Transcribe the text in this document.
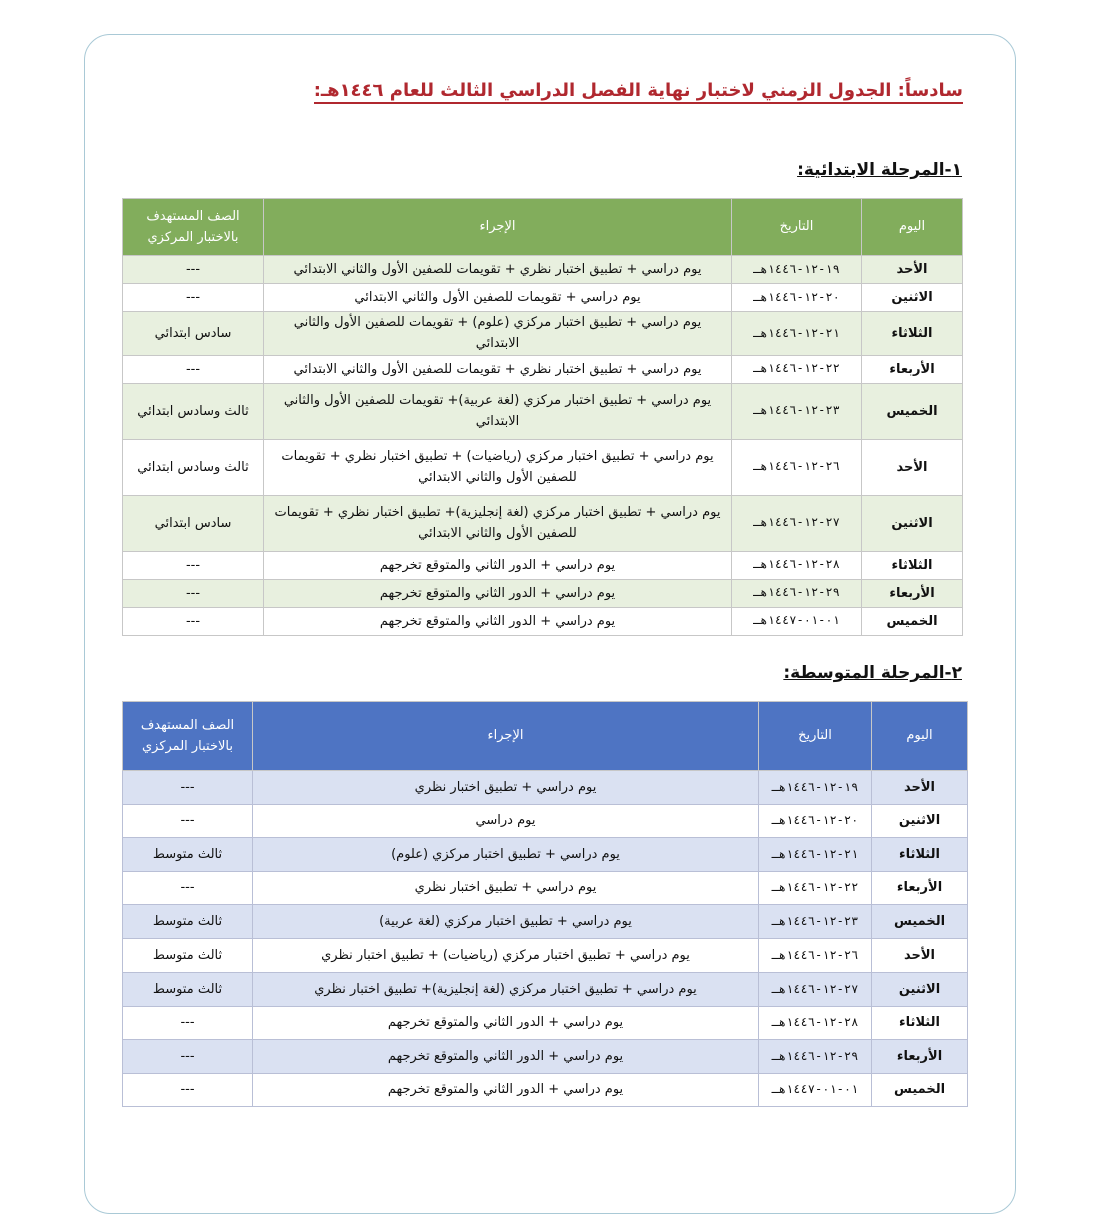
سادساً: الجدول الزمني لاختبار نهاية الفصل الدراسي الثالث للعام ١٤٤٦هـ:
١-المرحلة الابتدائية:
اليوم	التاريخ	الإجراء	الصف المستهدف بالاختبار المركزي
الأحد	١٩-١٢-١٤٤٦هـ	يوم دراسي + تطبيق اختبار نظري + تقويمات للصفين الأول والثاني الابتدائي	---
الاثنين	٢٠-١٢-١٤٤٦هـ	يوم دراسي + تقويمات للصفين الأول والثاني الابتدائي	---
الثلاثاء	٢١-١٢-١٤٤٦هـ	يوم دراسي + تطبيق اختبار مركزي (علوم) + تقويمات للصفين الأول والثاني الابتدائي	سادس ابتدائي
الأربعاء	٢٢-١٢-١٤٤٦هـ	يوم دراسي + تطبيق اختبار نظري + تقويمات للصفين الأول والثاني الابتدائي	---
الخميس	٢٣-١٢-١٤٤٦هـ	يوم دراسي + تطبيق اختبار مركزي (لغة عربية)+ تقويمات للصفين الأول والثاني الابتدائي	ثالث وسادس ابتدائي
الأحد	٢٦-١٢-١٤٤٦هـ	يوم دراسي + تطبيق اختبار مركزي (رياضيات) + تطبيق اختبار نظري + تقويمات للصفين الأول والثاني الابتدائي	ثالث وسادس ابتدائي
الاثنين	٢٧-١٢-١٤٤٦هـ	يوم دراسي + تطبيق اختبار مركزي (لغة إنجليزية)+ تطبيق اختبار نظري + تقويمات للصفين الأول والثاني الابتدائي	سادس ابتدائي
الثلاثاء	٢٨-١٢-١٤٤٦هـ	يوم دراسي + الدور الثاني والمتوقع تخرجهم	---
الأربعاء	٢٩-١٢-١٤٤٦هـ	يوم دراسي + الدور الثاني والمتوقع تخرجهم	---
الخميس	٠١-٠١-١٤٤٧هـ	يوم دراسي + الدور الثاني والمتوقع تخرجهم	---
٢-المرحلة المتوسطة:
اليوم	التاريخ	الإجراء	الصف المستهدف بالاختبار المركزي
الأحد	١٩-١٢-١٤٤٦هـ	يوم دراسي + تطبيق اختبار نظري	---
الاثنين	٢٠-١٢-١٤٤٦هـ	يوم دراسي	---
الثلاثاء	٢١-١٢-١٤٤٦هـ	يوم دراسي + تطبيق اختبار مركزي (علوم)	ثالث متوسط
الأربعاء	٢٢-١٢-١٤٤٦هـ	يوم دراسي + تطبيق اختبار نظري	---
الخميس	٢٣-١٢-١٤٤٦هـ	يوم دراسي + تطبيق اختبار مركزي (لغة عربية)	ثالث متوسط
الأحد	٢٦-١٢-١٤٤٦هـ	يوم دراسي + تطبيق اختبار مركزي (رياضيات) + تطبيق اختبار نظري	ثالث متوسط
الاثنين	٢٧-١٢-١٤٤٦هـ	يوم دراسي + تطبيق اختبار مركزي (لغة إنجليزية)+ تطبيق اختبار نظري	ثالث متوسط
الثلاثاء	٢٨-١٢-١٤٤٦هـ	يوم دراسي + الدور الثاني والمتوقع تخرجهم	---
الأربعاء	٢٩-١٢-١٤٤٦هـ	يوم دراسي + الدور الثاني والمتوقع تخرجهم	---
الخميس	٠١-٠١-١٤٤٧هـ	يوم دراسي + الدور الثاني والمتوقع تخرجهم	---
